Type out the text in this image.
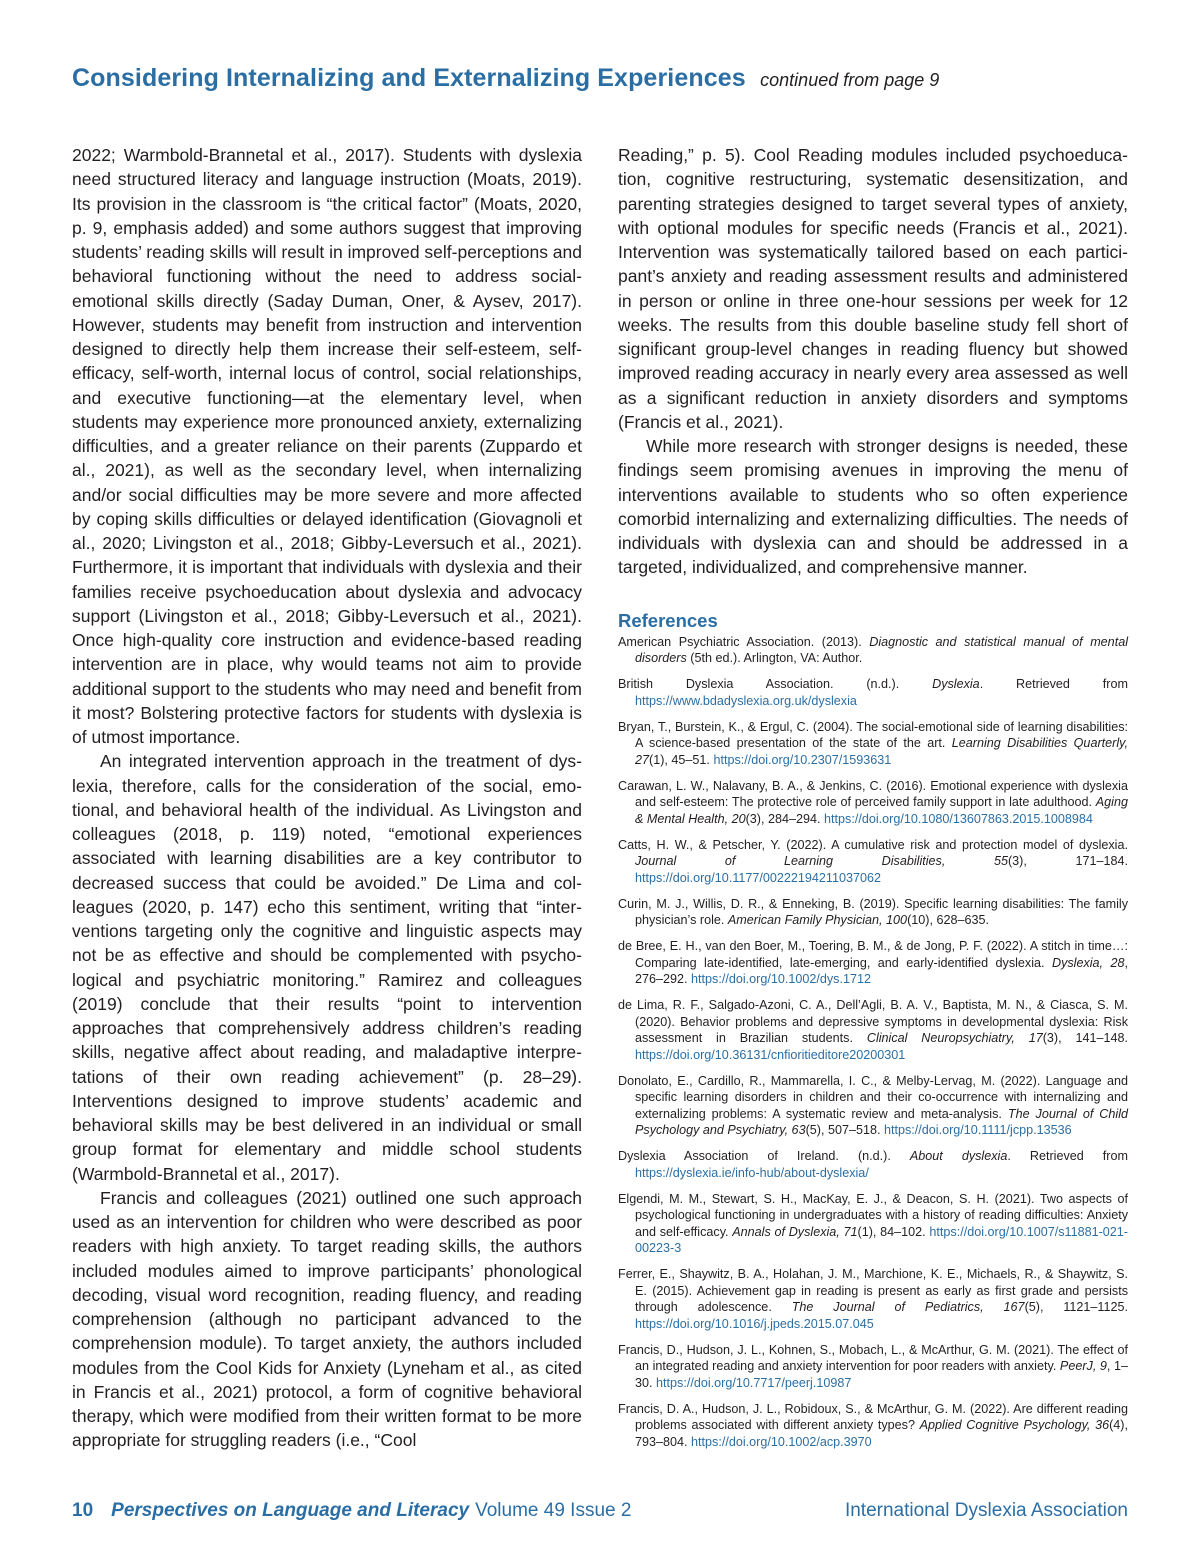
Considering Internalizing and Externalizing Experiences continued from page 9

2022; Warmbold-Brannetal et al., 2017). Students with dyslexia need structured literacy and language instruction (Moats, 2019). Its provision in the classroom is “the critical factor” (Moats, 2020, p. 9, emphasis added) and some authors suggest that improving students’ reading skills will result in improved self-perceptions and behavioral functioning without the need to address social-emotional skills directly (Saday Duman, Oner, & Aysev, 2017). However, students may benefit from instruction and intervention designed to directly help them increase their self-esteem, self-efficacy, self-worth, internal locus of control, social relationships, and executive functioning—at the elementary level, when students may experience more pronounced anxiety, externalizing difficulties, and a greater reliance on their parents (Zuppardo et al., 2021), as well as the secondary level, when internalizing and/or social difficulties may be more severe and more affected by coping skills difficulties or delayed identification (Giovagnoli et al., 2020; Livingston et al., 2018; Gibby-Leversuch et al., 2021). Furthermore, it is important that individuals with dyslexia and their families receive psychoeducation about dyslexia and advocacy support (Livingston et al., 2018; Gibby-Leversuch et al., 2021). Once high-quality core instruction and evidence-based reading intervention are in place, why would teams not aim to provide additional support to the students who may need and benefit from it most? Bolstering protective factors for students with dyslexia is of utmost importance.

An integrated intervention approach in the treatment of dyslexia, therefore, calls for the consideration of the social, emotional, and behavioral health of the individual. As Livingston and colleagues (2018, p. 119) noted, “emotional experiences associated with learning disabilities are a key contributor to decreased success that could be avoided.” De Lima and colleagues (2020, p. 147) echo this sentiment, writing that “interventions targeting only the cognitive and linguistic aspects may not be as effective and should be complemented with psychological and psychiatric monitoring.” Ramirez and colleagues (2019) conclude that their results “point to intervention approaches that comprehensively address children’s reading skills, negative affect about reading, and maladaptive interpretations of their own reading achievement” (p. 28–29). Interventions designed to improve students’ academic and behavioral skills may be best delivered in an individual or small group format for elementary and middle school students (Warmbold-Brannetal et al., 2017).

Francis and colleagues (2021) outlined one such approach used as an intervention for children who were described as poor readers with high anxiety. To target reading skills, the authors included modules aimed to improve participants’ phonological decoding, visual word recognition, reading fluency, and reading comprehension (although no participant advanced to the comprehension module). To target anxiety, the authors included modules from the Cool Kids for Anxiety (Lyneham et al., as cited in Francis et al., 2021) protocol, a form of cognitive behavioral therapy, which were modified from their written format to be more appropriate for struggling readers (i.e., “Cool

Reading,” p. 5). Cool Reading modules included psychoeducation, cognitive restructuring, systematic desensitization, and parenting strategies designed to target several types of anxiety, with optional modules for specific needs (Francis et al., 2021). Intervention was systematically tailored based on each participant’s anxiety and reading assessment results and administered in person or online in three one-hour sessions per week for 12 weeks. The results from this double baseline study fell short of significant group-level changes in reading fluency but showed improved reading accuracy in nearly every area assessed as well as a significant reduction in anxiety disorders and symptoms (Francis et al., 2021).

While more research with stronger designs is needed, these findings seem promising avenues in improving the menu of interventions available to students who so often experience comorbid internalizing and externalizing difficulties. The needs of individuals with dyslexia can and should be addressed in a targeted, individualized, and comprehensive manner.

References

American Psychiatric Association. (2013). Diagnostic and statistical manual of mental disorders (5th ed.). Arlington, VA: Author.

British Dyslexia Association. (n.d.). Dyslexia. Retrieved from https://www.bdadyslexia.org.uk/dyslexia

Bryan, T., Burstein, K., & Ergul, C. (2004). The social-emotional side of learning disabilities: A science-based presentation of the state of the art. Learning Disabilities Quarterly, 27(1), 45–51. https://doi.org/10.2307/1593631

Carawan, L. W., Nalavany, B. A., & Jenkins, C. (2016). Emotional experience with dyslexia and self-esteem: The protective role of perceived family support in late adulthood. Aging & Mental Health, 20(3), 284–294. https://doi.org/10.1080/13607863.2015.1008984

Catts, H. W., & Petscher, Y. (2022). A cumulative risk and protection model of dyslexia. Journal of Learning Disabilities, 55(3), 171–184. https://doi.org/10.1177/00222194211037062

Curin, M. J., Willis, D. R., & Enneking, B. (2019). Specific learning disabilities: The family physician’s role. American Family Physician, 100(10), 628–635.

de Bree, E. H., van den Boer, M., Toering, B. M., & de Jong, P. F. (2022). A stitch in time…: Comparing late-identified, late-emerging, and early-identified dyslexia. Dyslexia, 28, 276–292. https://doi.org/10.1002/dys.1712

de Lima, R. F., Salgado-Azoni, C. A., Dell’Agli, B. A. V., Baptista, M. N., & Ciasca, S. M. (2020). Behavior problems and depressive symptoms in developmental dyslexia: Risk assessment in Brazilian students. Clinical Neuropsychiatry, 17(3), 141–148. https://doi.org/10.36131/cnfioritieditore20200301

Donolato, E., Cardillo, R., Mammarella, I. C., & Melby-Lervag, M. (2022). Language and specific learning disorders in children and their co-occurrence with internalizing and externalizing problems: A systematic review and meta-analysis. The Journal of Child Psychology and Psychiatry, 63(5), 507–518. https://doi.org/10.1111/jcpp.13536

Dyslexia Association of Ireland. (n.d.). About dyslexia. Retrieved from https://dyslexia.ie/info-hub/about-dyslexia/

Elgendi, M. M., Stewart, S. H., MacKay, E. J., & Deacon, S. H. (2021). Two aspects of psychological functioning in undergraduates with a history of reading difficulties: Anxiety and self-efficacy. Annals of Dyslexia, 71(1), 84–102. https://doi.org/10.1007/s11881-021-00223-3

Ferrer, E., Shaywitz, B. A., Holahan, J. M., Marchione, K. E., Michaels, R., & Shaywitz, S. E. (2015). Achievement gap in reading is present as early as first grade and persists through adolescence. The Journal of Pediatrics, 167(5), 1121–1125. https://doi.org/10.1016/j.jpeds.2015.07.045

Francis, D., Hudson, J. L., Kohnen, S., Mobach, L., & McArthur, G. M. (2021). The effect of an integrated reading and anxiety intervention for poor readers with anxiety. PeerJ, 9, 1–30. https://doi.org/10.7717/peerj.10987

Francis, D. A., Hudson, J. L., Robidoux, S., & McArthur, G. M. (2022). Are different reading problems associated with different anxiety types? Applied Cognitive Psychology, 36(4), 793–804. https://doi.org/10.1002/acp.3970

10 Perspectives on Language and Literacy Volume 49 Issue 2	International Dyslexia Association
